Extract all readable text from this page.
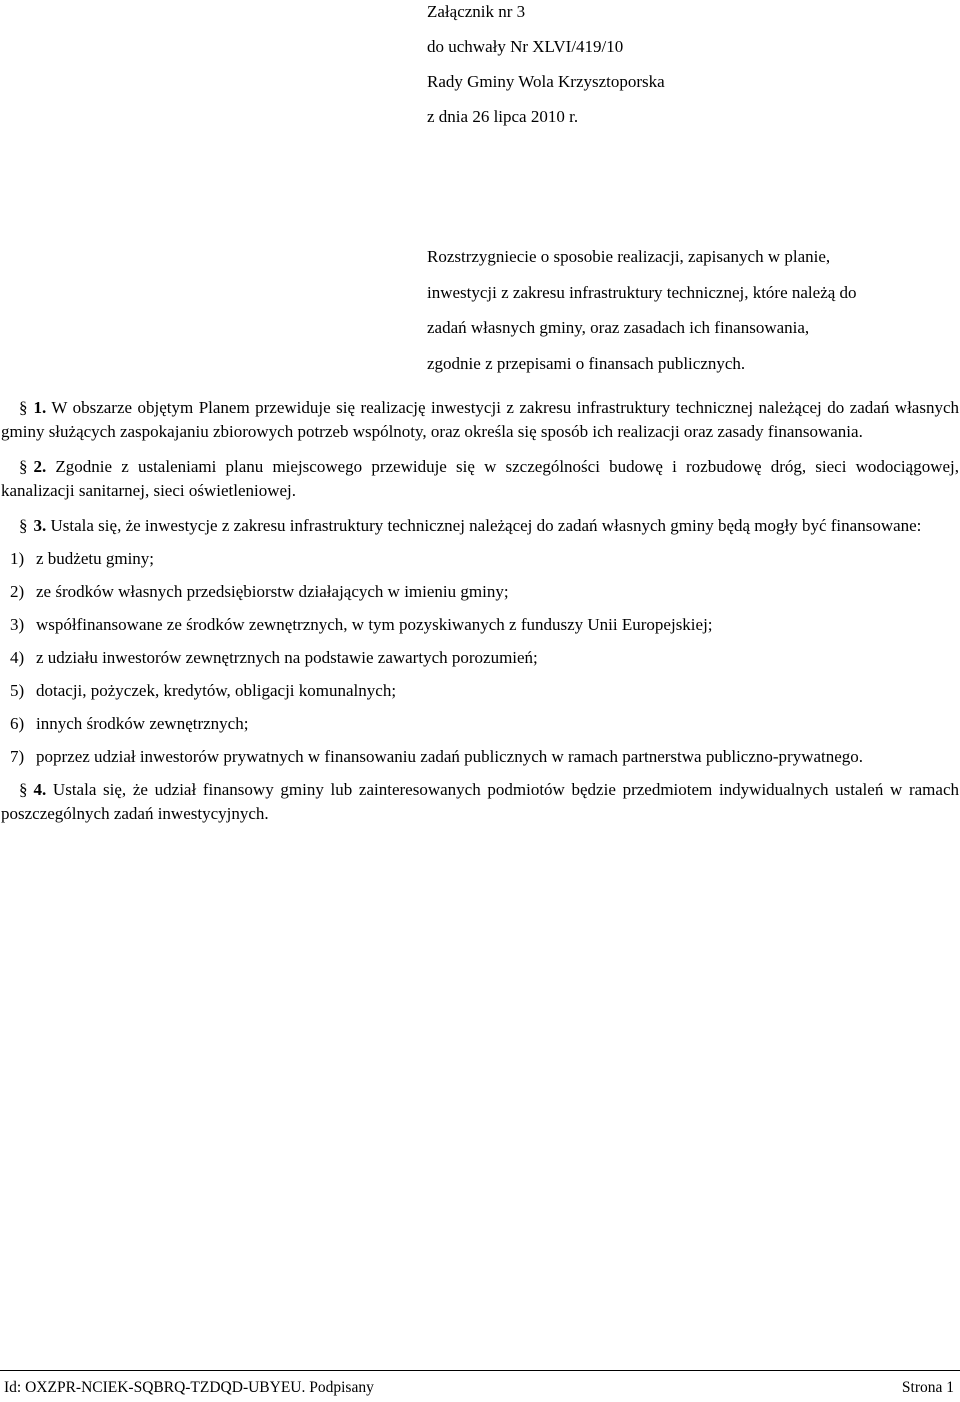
Załącznik nr 3
do uchwały Nr XLVI/419/10
Rady Gminy Wola Krzysztoporska
z dnia 26 lipca 2010 r.
Rozstrzygniecie o sposobie realizacji, zapisanych w planie,
inwestycji z zakresu infrastruktury technicznej, które należą do
zadań własnych gminy, oraz zasadach ich finansowania,
zgodnie z przepisami o finansach publicznych.

§ 1. W obszarze objętym Planem przewiduje się realizację inwestycji z zakresu infrastruktury technicznej należącej do zadań własnych gminy służących zaspokajaniu zbiorowych potrzeb wspólnoty, oraz określa się sposób ich realizacji oraz zasady finansowania.

§ 2. Zgodnie z ustaleniami planu miejscowego przewiduje się w szczególności budowę i rozbudowę dróg, sieci wodociągowej, kanalizacji sanitarnej, sieci oświetleniowej.

§ 3. Ustala się, że inwestycje z zakresu infrastruktury technicznej należącej do zadań własnych gminy będą mogły być finansowane:

1) z budżetu gminy;
2) ze środków własnych przedsiębiorstw działających w imieniu gminy;
3) współfinansowane ze środków zewnętrznych, w tym pozyskiwanych z funduszy Unii Europejskiej;
4) z udziału inwestorów zewnętrznych na podstawie zawartych porozumień;
5) dotacji, pożyczek, kredytów, obligacji komunalnych;
6) innych środków zewnętrznych;
7) poprzez udział inwestorów prywatnych w finansowaniu zadań publicznych w ramach partnerstwa publiczno-prywatnego.

§ 4. Ustala się, że udział finansowy gminy lub zainteresowanych podmiotów będzie przedmiotem indywidualnych ustaleń w ramach poszczególnych zadań inwestycyjnych.

Id: OXZPR-NCIEK-SQBRQ-TZDQD-UBYEU. Podpisany	Strona 1
